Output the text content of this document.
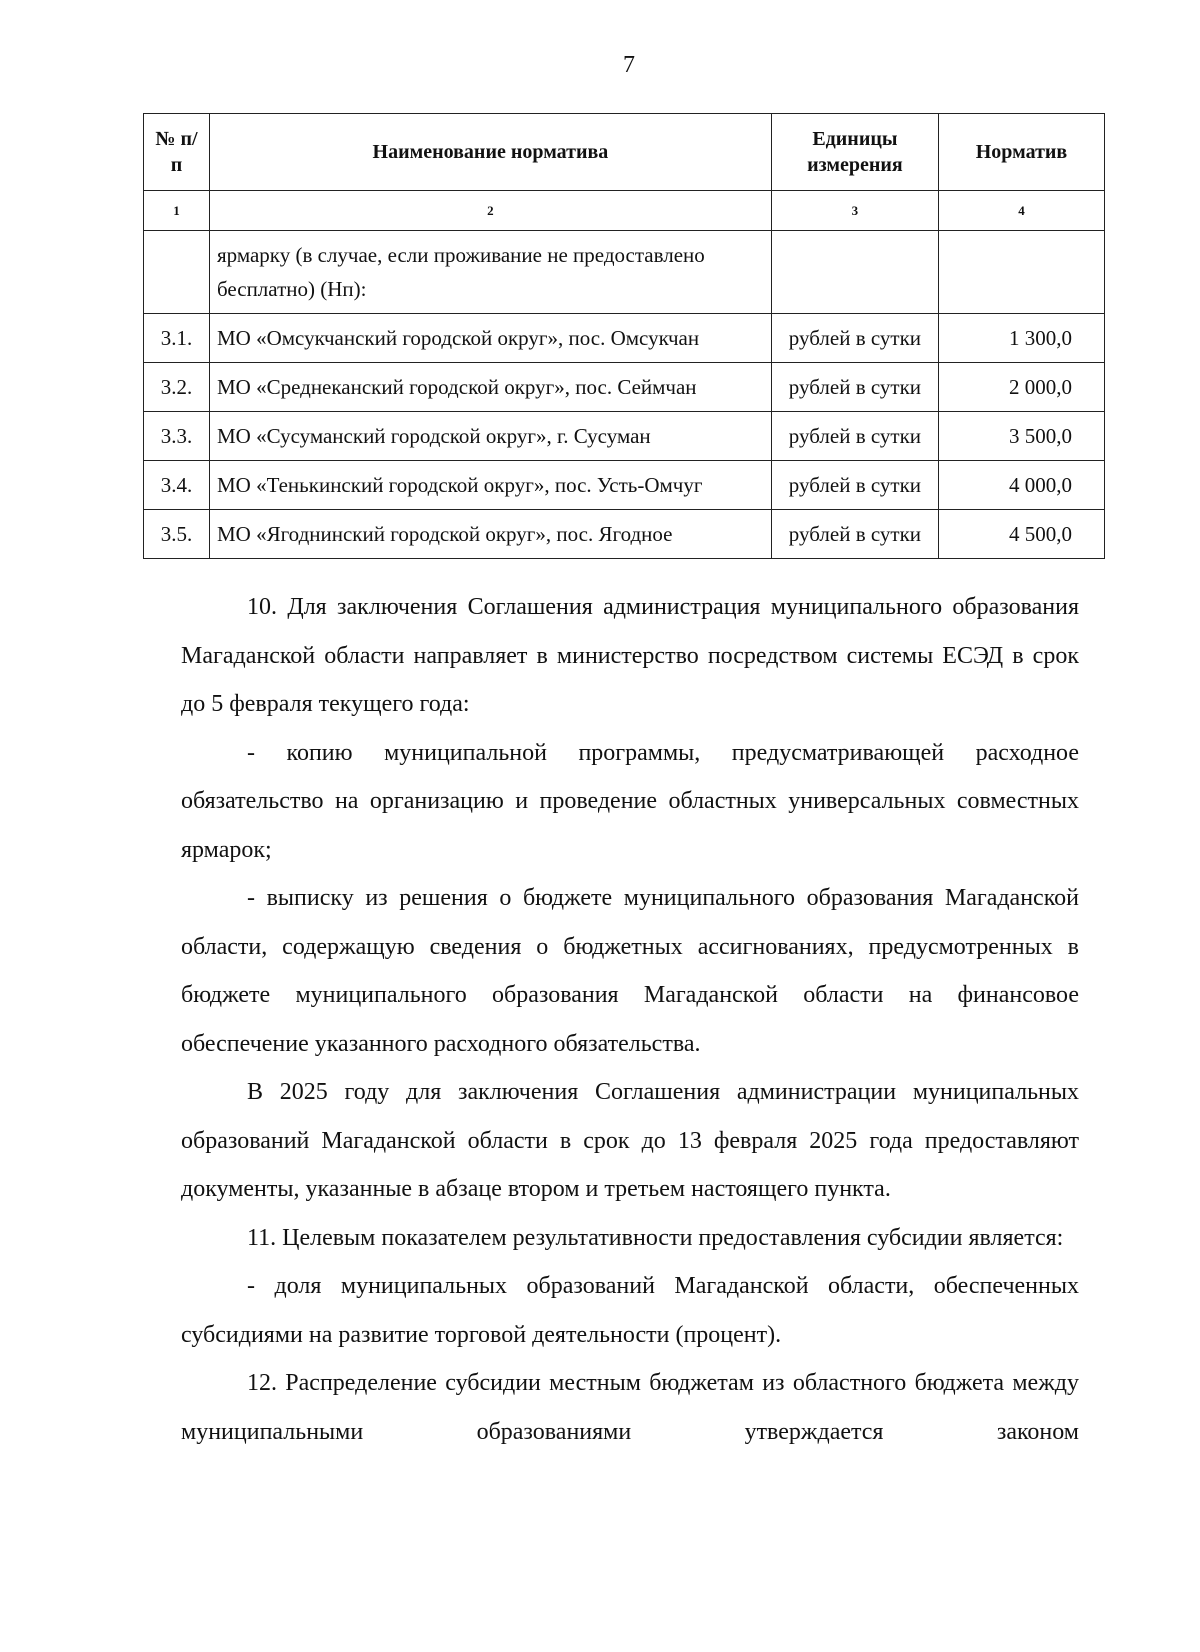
7
№ п/п	Наименование норматива	Единицы измерения	Норматив
1	2	3	4
	ярмарку (в случае, если проживание не предоставлено бесплатно) (Нп):		
3.1.	МО «Омсукчанский городской округ», пос. Омсукчан	рублей в сутки	1 300,0
3.2.	МО «Среднеканский городской округ», пос. Сеймчан	рублей в сутки	2 000,0
3.3.	МО «Сусуманский городской округ», г. Сусуман	рублей в сутки	3 500,0
3.4.	МО «Тенькинский городской округ», пос. Усть-Омчуг	рублей в сутки	4 000,0
3.5.	МО «Ягоднинский городской округ», пос. Ягодное	рублей в сутки	4 500,0

10. Для заключения Соглашения администрация муниципального образования Магаданской области направляет в министерство посредством системы ЕСЭД в срок до 5 февраля текущего года:

- копию муниципальной программы, предусматривающей расходное обязательство на организацию и проведение областных универсальных совместных ярмарок;

- выписку из решения о бюджете муниципального образования Магаданской области, содержащую сведения о бюджетных ассигнованиях, предусмотренных в бюджете муниципального образования Магаданской области на финансовое обеспечение указанного расходного обязательства.

В 2025 году для заключения Соглашения администрации муниципальных образований Магаданской области в срок до 13 февраля 2025 года предоставляют документы, указанные в абзаце втором и третьем настоящего пункта.

11. Целевым показателем результативности предоставления субсидии является:

- доля муниципальных образований Магаданской области, обеспеченных субсидиями на развитие торговой деятельности (процент).

12. Распределение субсидии местным бюджетам из областного бюджета между муниципальными образованиями утверждается законом
